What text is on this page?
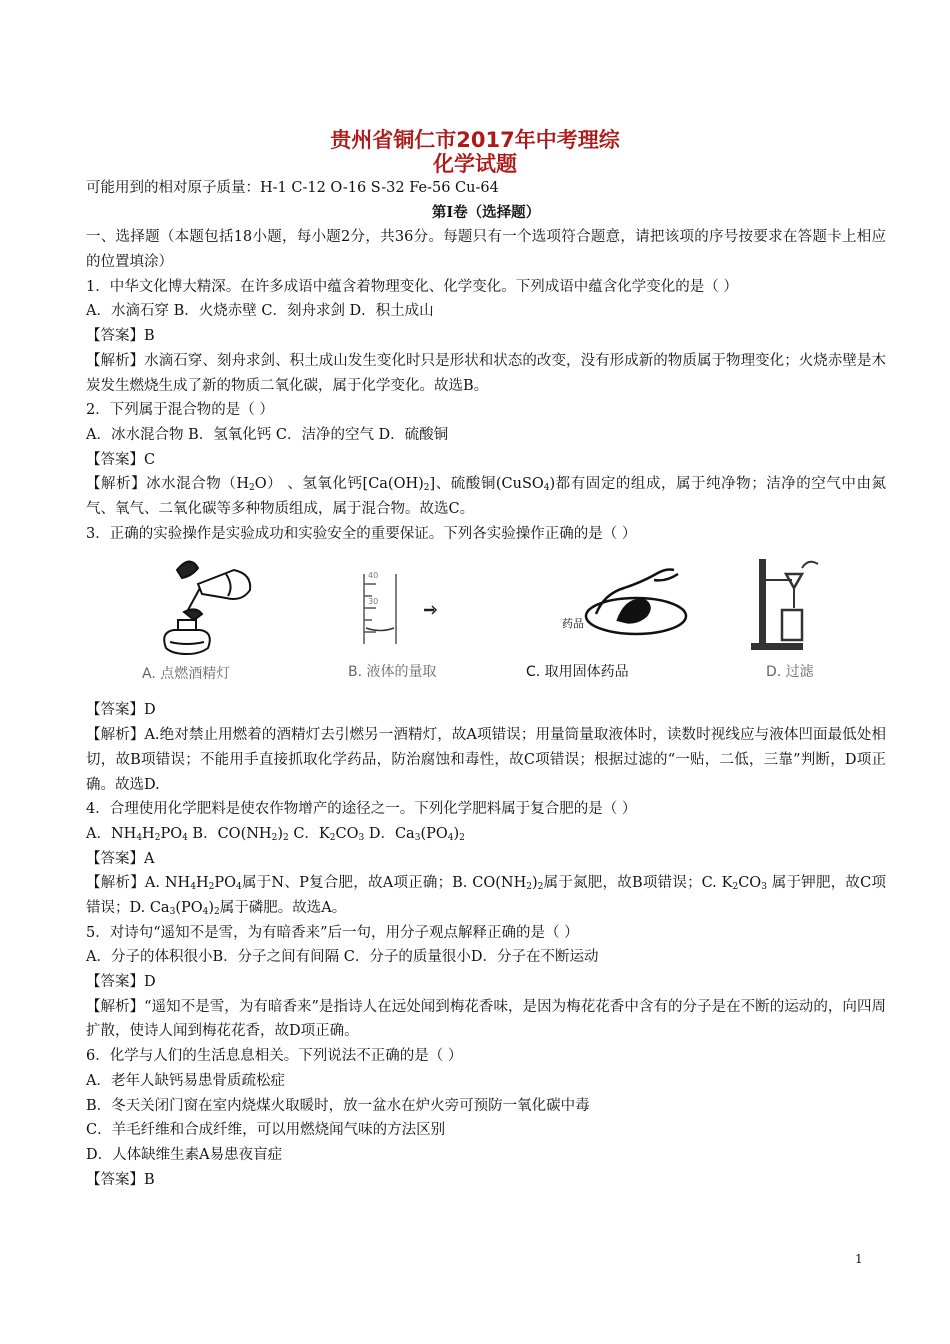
贵州省铜仁市2017年中考理综
化学试题
可能用到的相对原子质量：H-1 C-12 O-16 S-32 Fe-56 Cu-64
第Ⅰ卷（选择题）
一、选择题（本题包括18小题，每小题2分，共36分。每题只有一个选项符合题意，请把该项的序号按要求在答题卡上相应的位置填涂）
1．中华文化博大精深。在许多成语中蕴含着物理变化、化学变化。下列成语中蕴含化学变化的是（ ）
A．水滴石穿 B．火烧赤壁 C．刻舟求剑 D．积土成山
【答案】B
【解析】水滴石穿、刻舟求剑、积土成山发生变化时只是形状和状态的改变，没有形成新的物质属于物理变化；火烧赤壁是木炭发生燃烧生成了新的物质二氧化碳，属于化学变化。故选B。
2．下列属于混合物的是（ ）
A．冰水混合物 B．氢氧化钙 C．洁净的空气 D．硫酸铜
【答案】C
【解析】冰水混合物$(H_2O)$ 、氢氧化钙$[Ca(OH)_2]$、硫酸铜(CuSO$_4$)都有固定的组成，属于纯净物；洁净的空气中由氮气、氧气、二氧化碳等多种物质组成，属于混合物。故选C。
3．正确的实验操作是实验成功和实验安全的重要保证。下列各实验操作正确的是（ ）
A. 点燃酒精灯
40
30
B. 液体的量取
药品
C. 取用固体药品	D. 过滤
【答案】D
【解析】A.绝对禁止用燃着的酒精灯去引燃另一酒精灯，故A项错误；用量筒量取液体时，读数时视线应与液体凹面最低处相切，故B项错误；不能用手直接抓取化学药品，防治腐蚀和毒性，故C项错误；根据过滤的“一贴，二低，三靠”判断，D项正确。故选D.
4．合理使用化学肥料是使农作物增产的途径之一。下列化学肥料属于复合肥的是（ ）
A．$NH_4H_2PO_4$ B．$CO(NH_2)_2$ C．$K_2CO_3$ D．$Ca_3(PO_4)_2$
【答案】A
【解析】A. $NH_4H_2PO_4$属于N、P复合肥，故A项正确；B. $CO(NH_2)_2$属于氮肥，故B项错误；C. $K_2CO_3$ 属于钾肥，故C项错误；D. $Ca_3(PO_4)_2$属于磷肥。故选A。
5．对诗句“遥知不是雪，为有暗香来”后一句，用分子观点解释正确的是（ ）
A．分子的体积很小B．分子之间有间隔 C．分子的质量很小D．分子在不断运动
【答案】D
【解析】“遥知不是雪，为有暗香来”是指诗人在远处闻到梅花香味，是因为梅花花香中含有的分子是在不断的运动的，向四周扩散，使诗人闻到梅花花香，故D项正确。
6．化学与人们的生活息息相关。下列说法不正确的是（ ）
A．老年人缺钙易患骨质疏松症
B．冬天关闭门窗在室内烧煤火取暖时，放一盆水在炉火旁可预防一氧化碳中毒
C．羊毛纤维和合成纤维，可以用燃烧闻气味的方法区别
D．人体缺维生素A易患夜盲症
【答案】B
1
